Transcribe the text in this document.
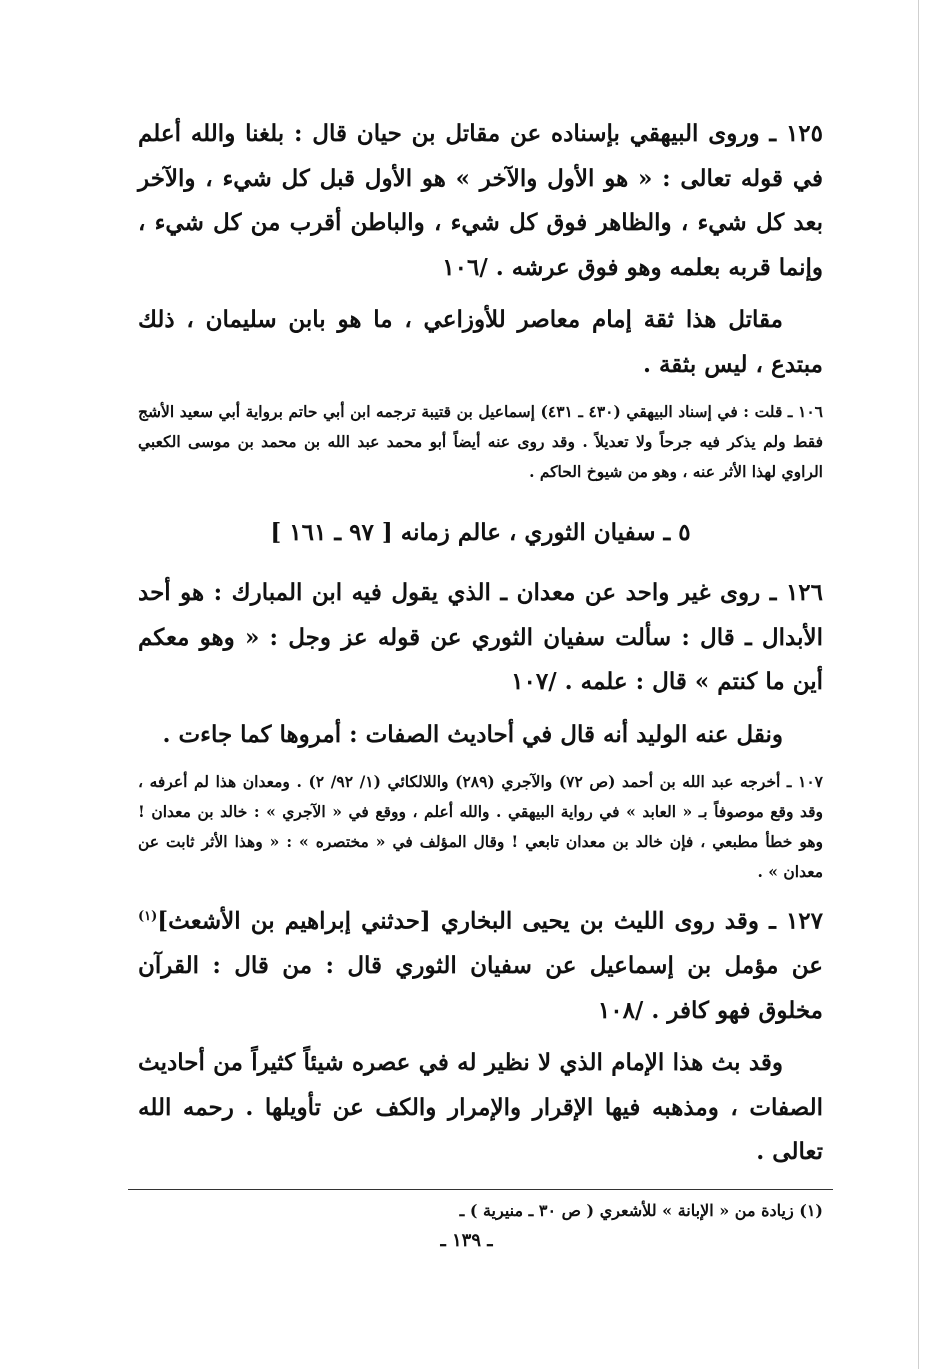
١٢٥ ـ وروى البيهقي بإسناده عن مقاتل بن حيان قال : بلغنا والله أعلم في قوله تعالى : « هو الأول والآخر » هو الأول قبل كل شيء ، والآخر بعد كل شيء ، والظاهر فوق كل شيء ، والباطن أقرب من كل شيء ، وإنما قربه بعلمه وهو فوق عرشه . /١٠٦

مقاتل هذا ثقة إمام معاصر للأوزاعي ، ما هو بابن سليمان ، ذلك مبتدع ، ليس بثقة .

١٠٦ ـ قلت : في إسناد البيهقي (٤٣٠ ـ ٤٣١) إسماعيل بن قتيبة ترجمه ابن أبي حاتم برواية أبي سعيد الأشج فقط ولم يذكر فيه جرحاً ولا تعديلاً . وقد روى عنه أيضاً أبو محمد عبد الله بن محمد بن موسى الكعبي الراوي لهذا الأثر عنه ، وهو من شيوخ الحاكم .

٥ ـ سفيان الثوري ، عالم زمانه [ ٩٧ ـ ١٦١ ]

١٢٦ ـ روى غير واحد عن معدان ـ الذي يقول فيه ابن المبارك : هو أحد الأبدال ـ قال : سألت سفيان الثوري عن قوله عز وجل : « وهو معكم أين ما كنتم » قال : علمه . /١٠٧

ونقل عنه الوليد أنه قال في أحاديث الصفات : أمروها كما جاءت .

١٠٧ ـ أخرجه عبد الله بن أحمد (ص ٧٢) والآجري (٢٨٩) واللالكائي (١/ ٩٢/ ٢) . ومعدان هذا لم أعرفه ، وقد وقع موصوفاً بـ « العابد » في رواية البيهقي . والله أعلم ، ووقع في « الآجري » : خالد بن معدان ! وهو خطأ مطبعي ، فإن خالد بن معدان تابعي ! وقال المؤلف في « مختصره » : « وهذا الأثر ثابت عن معدان » .

١٢٧ ـ وقد روى الليث بن يحيى البخاري [حدثني إبراهيم بن الأشعث]$^{(١)}$ عن مؤمل بن إسماعيل عن سفيان الثوري قال : من قال : القرآن مخلوق فهو كافر . /١٠٨

وقد بث هذا الإمام الذي لا نظير له في عصره شيئاً كثيراً من أحاديث الصفات ، ومذهبه فيها الإقرار والإمرار والكف عن تأويلها . رحمه الله تعالى .

(١) زيادة من « الإبانة » للأشعري ( ص ٣٠ ـ منيرية ) ـ

ـ ١٣٩ ـ
